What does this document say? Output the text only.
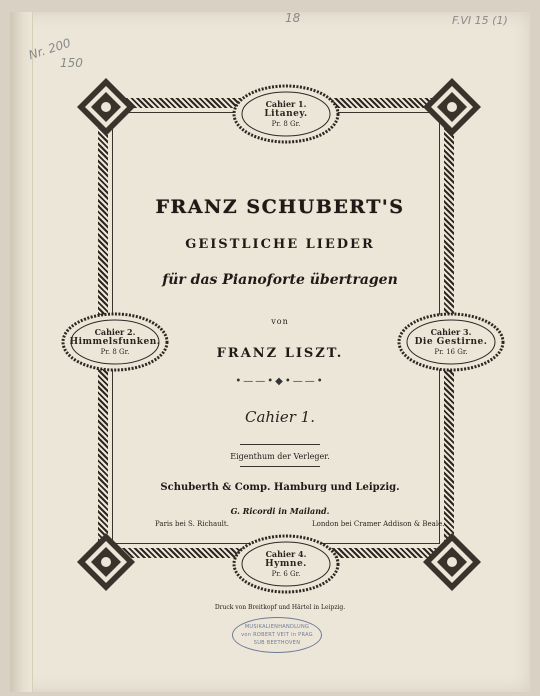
18	F.VI 15 (1)
Nr. 200
150
Cahier 1.
Litaney.
Pr. 8 Gr.
Cahier 2.
Himmelsfunken.
Pr. 8 Gr.
Cahier 3.
Die Gestirne.
Pr. 16 Gr.
Cahier 4.
Hymne.
Pr. 6 Gr.
FRANZ SCHUBERT'S
GEISTLICHE LIEDER
für das Pianoforte übertragen
von
FRANZ LISZT.
•——•◆•——•
Cahier 1.
Eigenthum der Verleger.
Schuberth & Comp. Hamburg und Leipzig.
G. Ricordi in Mailand.
Paris bei S. Richault.	London bei Cramer Addison & Beale.
Druck von Breitkopf und Härtel in Leipzig.
MUSIKALIENHANDLUNG
von ROBERT VEIT in PRAG
SUB BEETHOVEN
